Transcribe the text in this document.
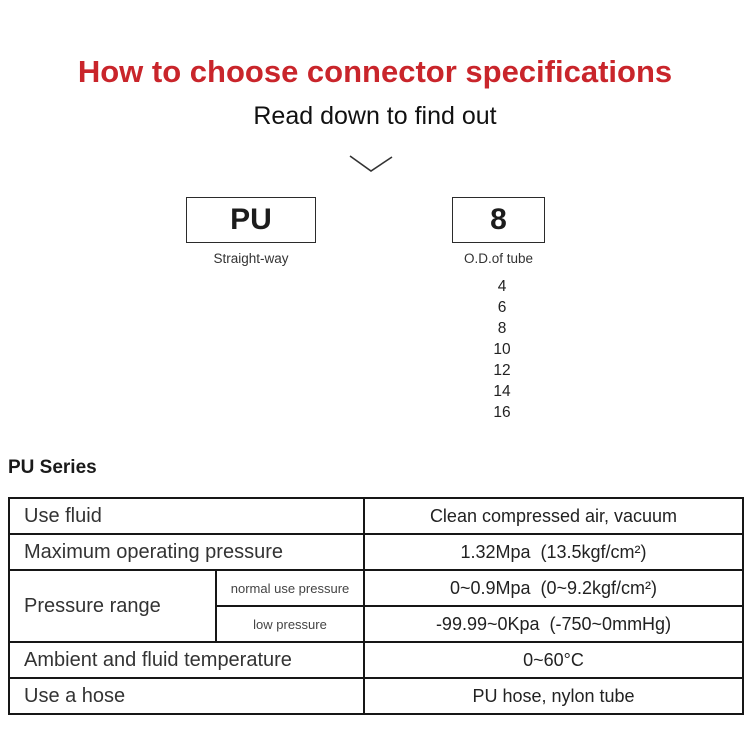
How to choose connector specifications
Read down to find out
PU
Straight-way
8
O.D.of tube
4
6
8
10
12
14
16
PU Series
Use fluid		Clean compressed air, vacuum
Maximum operating pressure		1.32Mpa  (13.5kgf/cm²)
Pressure range	normal use pressure	0~0.9Mpa  (0~9.2kgf/cm²)
	low pressure	-99.99~0Kpa  (-750~0mmHg)
Ambient and fluid temperature		0~60°C
Use a hose		PU hose, nylon tube
